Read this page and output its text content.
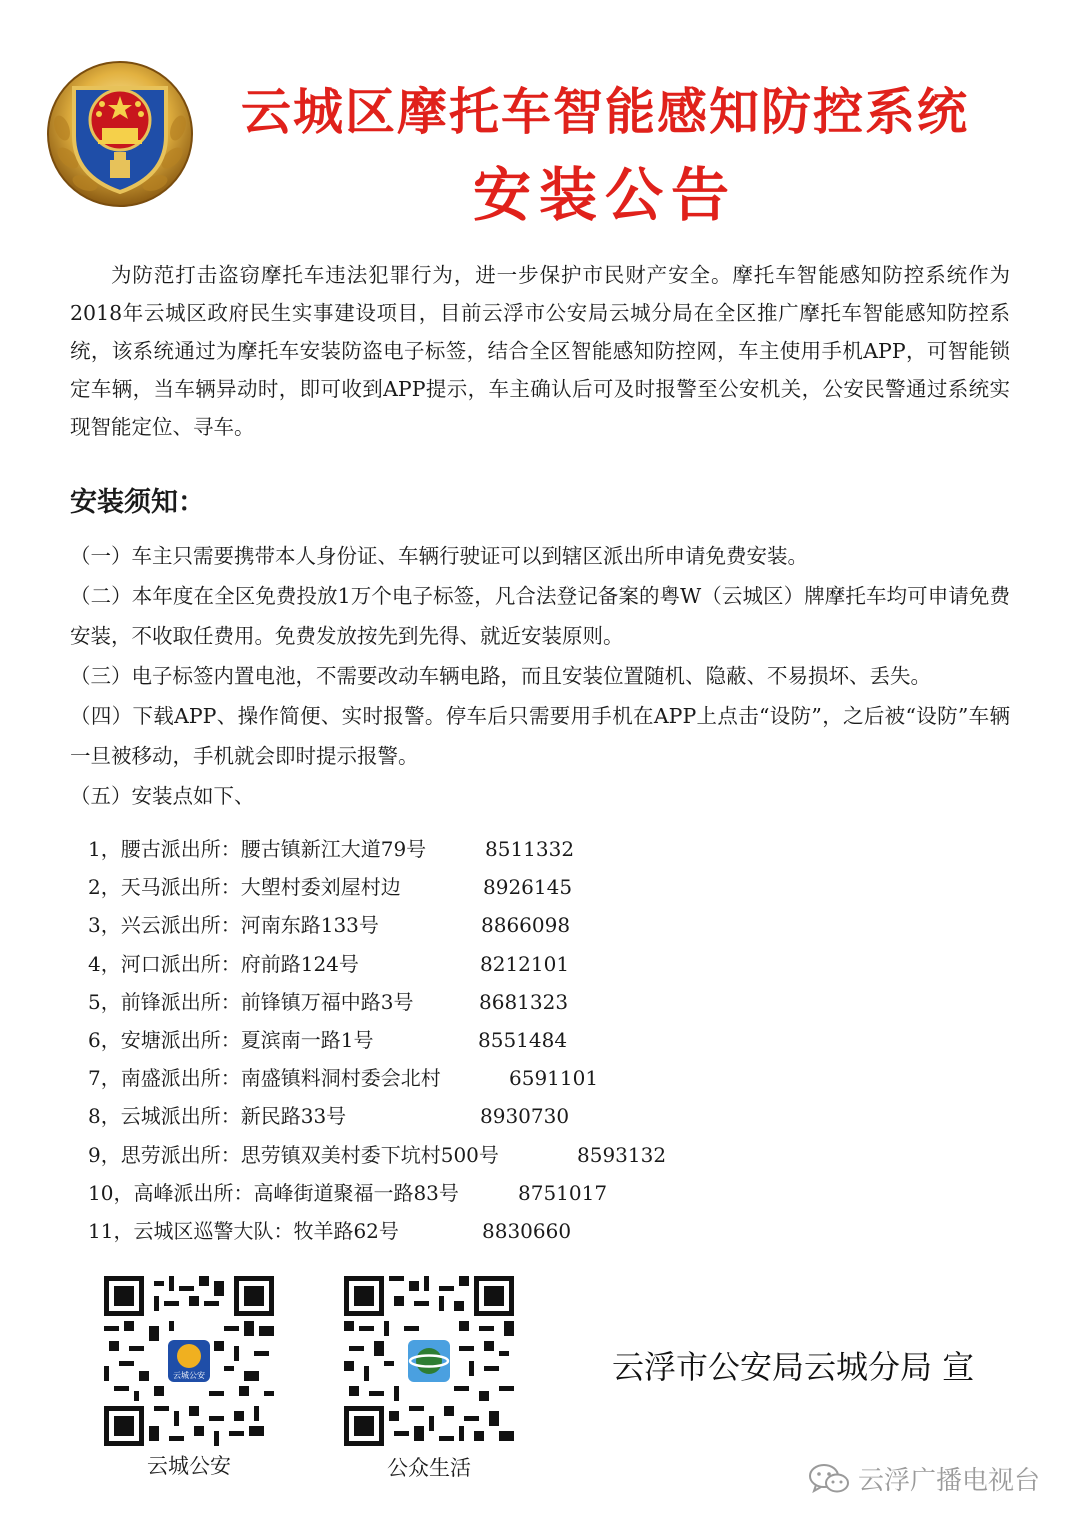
云城区摩托车智能感知防控系统
安装公告

为防范打击盗窃摩托车违法犯罪行为，进一步保护市民财产安全。摩托车智能感知防控系统作为2018年云城区政府民生实事建设项目，目前云浮市公安局云城分局在全区推广摩托车智能感知防控系统，该系统通过为摩托车安装防盗电子标签，结合全区智能感知防控网，车主使用手机APP，可智能锁定车辆，当车辆异动时，即可收到APP提示，车主确认后可及时报警至公安机关，公安民警通过系统实现智能定位、寻车。

安装须知：
（一）车主只需要携带本人身份证、车辆行驶证可以到辖区派出所申请免费安装。
（二）本年度在全区免费投放1万个电子标签，凡合法登记备案的粤W（云城区）牌摩托车均可申请免费安装，不收取任费用。免费发放按先到先得、就近安装原则。
（三）电子标签内置电池，不需要改动车辆电路，而且安装位置随机、隐蔽、不易损坏、丢失。
（四）下载APP、操作简便、实时报警。停车后只需要用手机在APP上点击“设防”，之后被“设防”车辆一旦被移动，手机就会即时提示报警。
（五）安装点如下、
1，腰古派出所：腰古镇新江大道79号	8511332
2，天马派出所：大塱村委刘屋村边	8926145
3，兴云派出所：河南东路133号	8866098
4，河口派出所：府前路124号	8212101
5，前锋派出所：前锋镇万福中路3号	8681323
6，安塘派出所：夏滨南一路1号	8551484
7，南盛派出所：南盛镇料洞村委会北村	6591101
8，云城派出所：新民路33号	8930730
9，思劳派出所：思劳镇双美村委下坑村500号	8593132
10，高峰派出所：高峰街道聚福一路83号	8751017
11，云城区巡警大队：牧羊路62号	8830660
云城公安
云城公安	公众生活
云浮市公安局云城分局 宣
云浮广播电视台
